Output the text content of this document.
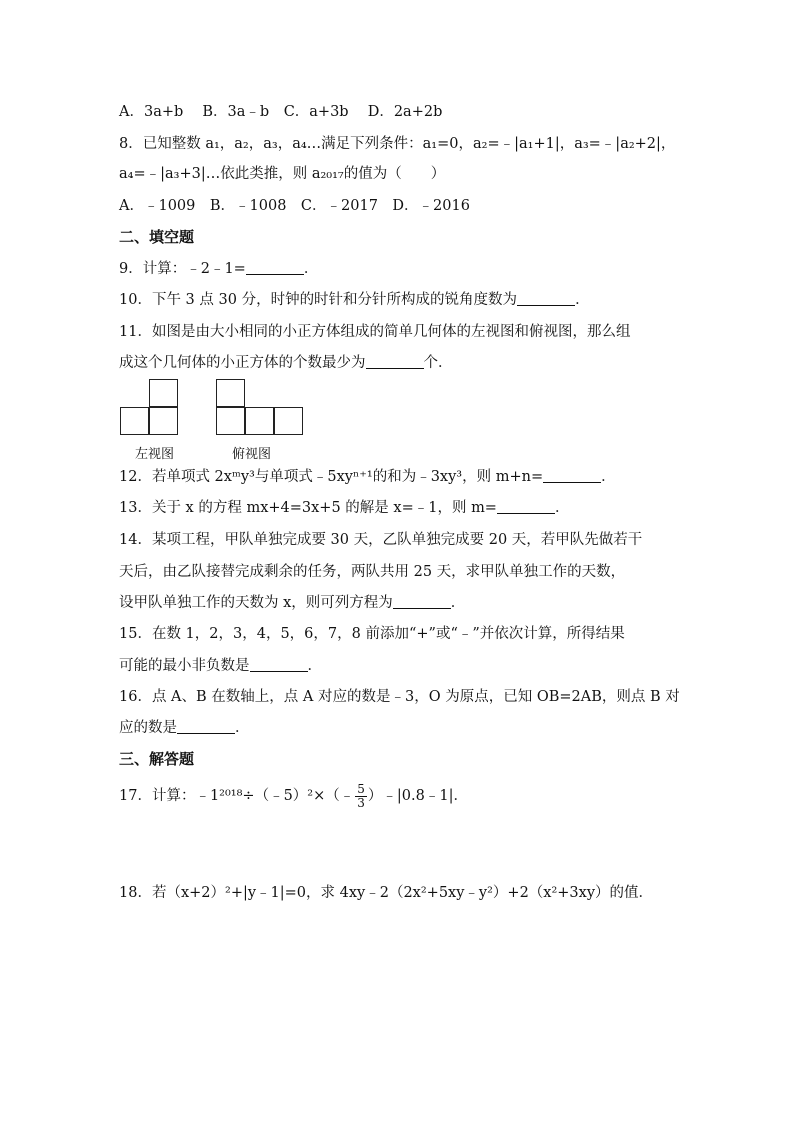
A．3a+b　 B．3a﹣b　C．a+3b　 D．2a+2b
8．已知整数 a₁，a₂，a₃，a₄…满足下列条件：a₁=0，a₂=﹣|a₁+1|，a₃=﹣|a₂+2|，
a₄=﹣|a₃+3|…依此类推，则 a₂₀₁₇的值为（　　）
A．﹣1009　B．﹣1008　C．﹣2017　D．﹣2016
二、填空题
9．计算：﹣2﹣1=	．
10．下午 3 点 30 分，时钟的时针和分针所构成的锐角度数为	．
11．如图是由大小相同的小正方体组成的简单几何体的左视图和俯视图，那么组
成这个几何体的小正方体的个数最少为	个．
左视图	俯视图
12．若单项式 2xᵐy³与单项式﹣5xyⁿ⁺¹的和为﹣3xy³，则 m+n=	．
13．关于 x 的方程 mx+4=3x+5 的解是 x=﹣1，则 m=	．
14．某项工程，甲队单独完成要 30 天，乙队单独完成要 20 天，若甲队先做若干
天后，由乙队接替完成剩余的任务，两队共用 25 天，求甲队单独工作的天数，
设甲队单独工作的天数为 x，则可列方程为	．
15．在数 1，2，3，4，5，6，7，8 前添加“+”或“﹣”并依次计算，所得结果
可能的最小非负数是	．
16．点 A、B 在数轴上，点 A 对应的数是﹣3，O 为原点，已知 OB=2AB，则点 B 对
应的数是	．
三、解答题
17．计算：﹣1²⁰¹⁸÷（﹣5）²×（﹣ $\frac{5}{3}$ ）﹣|0.8﹣1|．
18．若（x+2）²+|y﹣1|=0，求 4xy﹣2（2x²+5xy﹣y²）+2（x²+3xy）的值．
